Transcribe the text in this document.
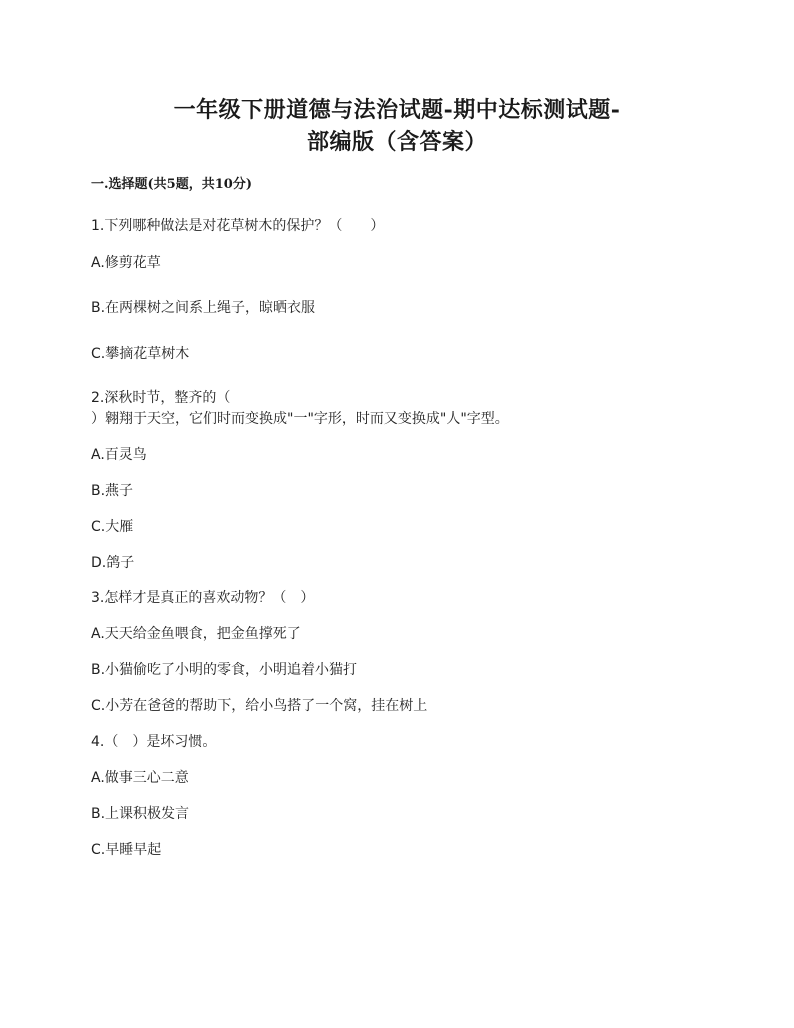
一年级下册道德与法治试题-期中达标测试题-
部编版（含答案）
一.选择题(共5题，共10分)
1.下列哪种做法是对花草树木的保护？（　　）
A.修剪花草
B.在两棵树之间系上绳子，晾晒衣服
C.攀摘花草树木
2.深秋时节，整齐的（
）翱翔于天空，它们时而变换成"一"字形，时而又变换成"人"字型。
A.百灵鸟
B.燕子
C.大雁
D.鸽子
3.怎样才是真正的喜欢动物？（　）
A.天天给金鱼喂食，把金鱼撑死了
B.小猫偷吃了小明的零食，小明追着小猫打
C.小芳在爸爸的帮助下，给小鸟搭了一个窝，挂在树上
4.（　）是坏习惯。
A.做事三心二意
B.上课积极发言
C.早睡早起
